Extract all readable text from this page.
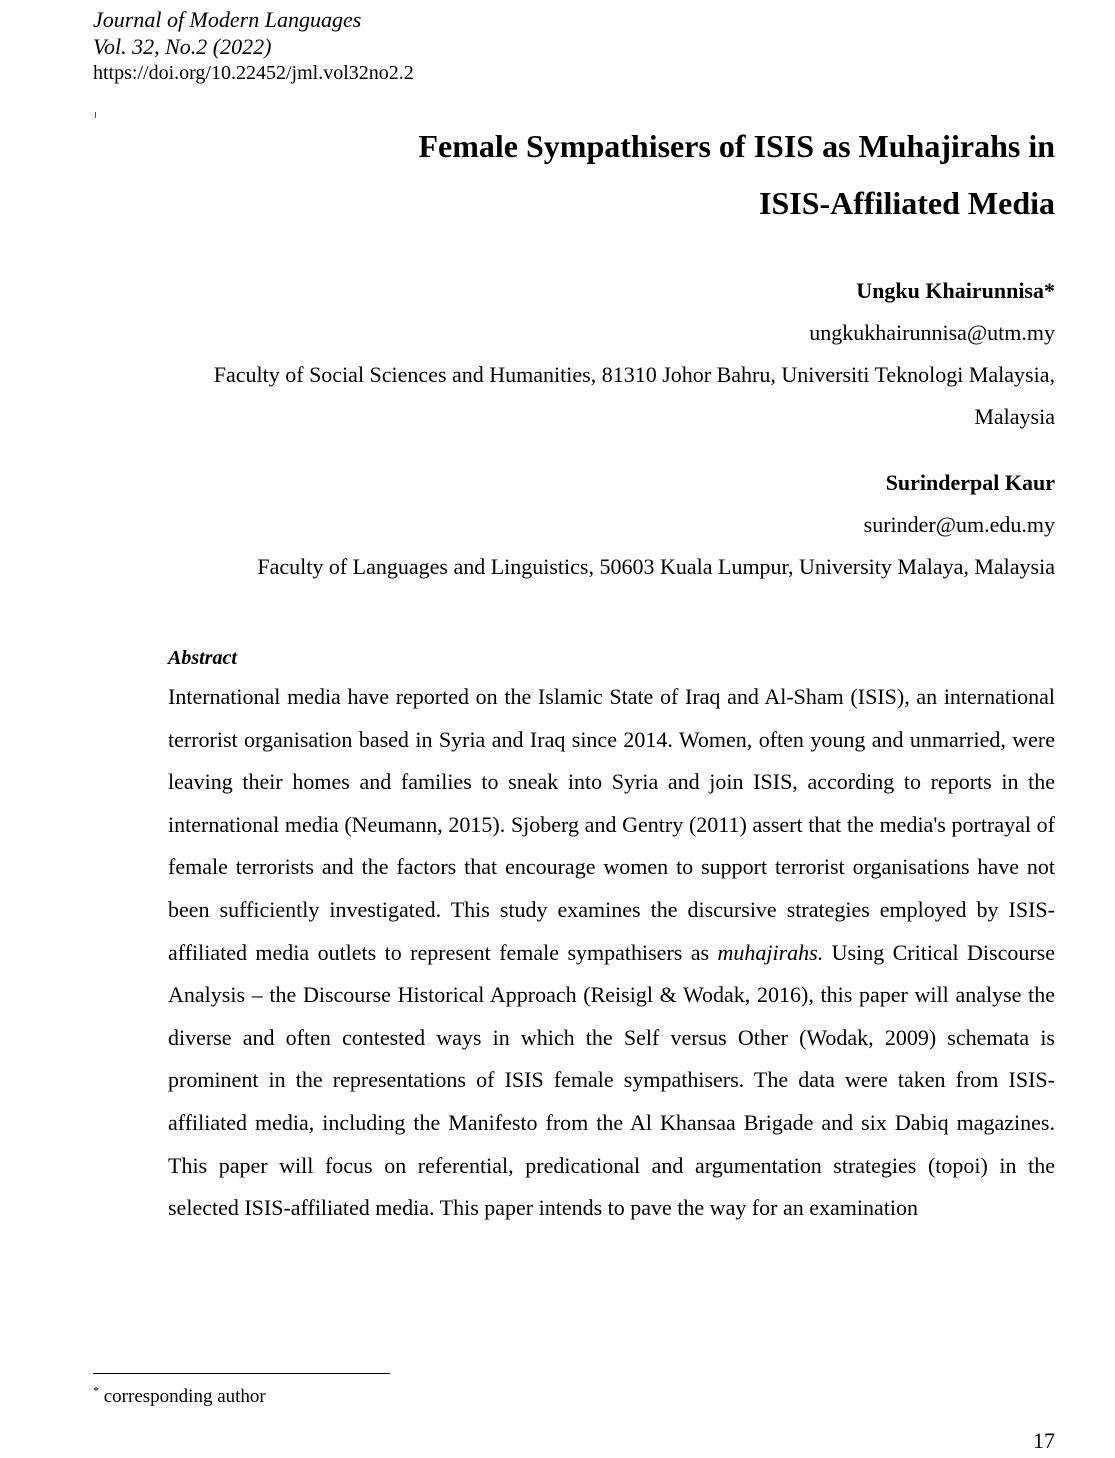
Journal of Modern Languages
Vol. 32, No.2 (2022)
https://doi.org/10.22452/jml.vol32no2.2
Female Sympathisers of ISIS as Muhajirahs in
ISIS-Affiliated Media
Ungku Khairunnisa*
ungkukhairunnisa@utm.my
Faculty of Social Sciences and Humanities, 81310 Johor Bahru, Universiti Teknologi Malaysia,
Malaysia
Surinderpal Kaur
surinder@um.edu.my
Faculty of Languages and Linguistics, 50603 Kuala Lumpur, University Malaya, Malaysia
Abstract

International media have reported on the Islamic State of Iraq and Al-Sham (ISIS), an international terrorist organisation based in Syria and Iraq since 2014. Women, often young and unmarried, were leaving their homes and families to sneak into Syria and join ISIS, according to reports in the international media (Neumann, 2015). Sjoberg and Gentry (2011) assert that the media's portrayal of female terrorists and the factors that encourage women to support terrorist organisations have not been sufficiently investigated. This study examines the discursive strategies employed by ISIS-affiliated media outlets to represent female sympathisers as muhajirahs. Using Critical Discourse Analysis – the Discourse Historical Approach (Reisigl & Wodak, 2016), this paper will analyse the diverse and often contested ways in which the Self versus Other (Wodak, 2009) schemata is prominent in the representations of ISIS female sympathisers. The data were taken from ISIS-affiliated media, including the Manifesto from the Al Khansaa Brigade and six Dabiq magazines. This paper will focus on referential, predicational and argumentation strategies (topoi) in the selected ISIS-affiliated media. This paper intends to pave the way for an examination

* corresponding author
17
